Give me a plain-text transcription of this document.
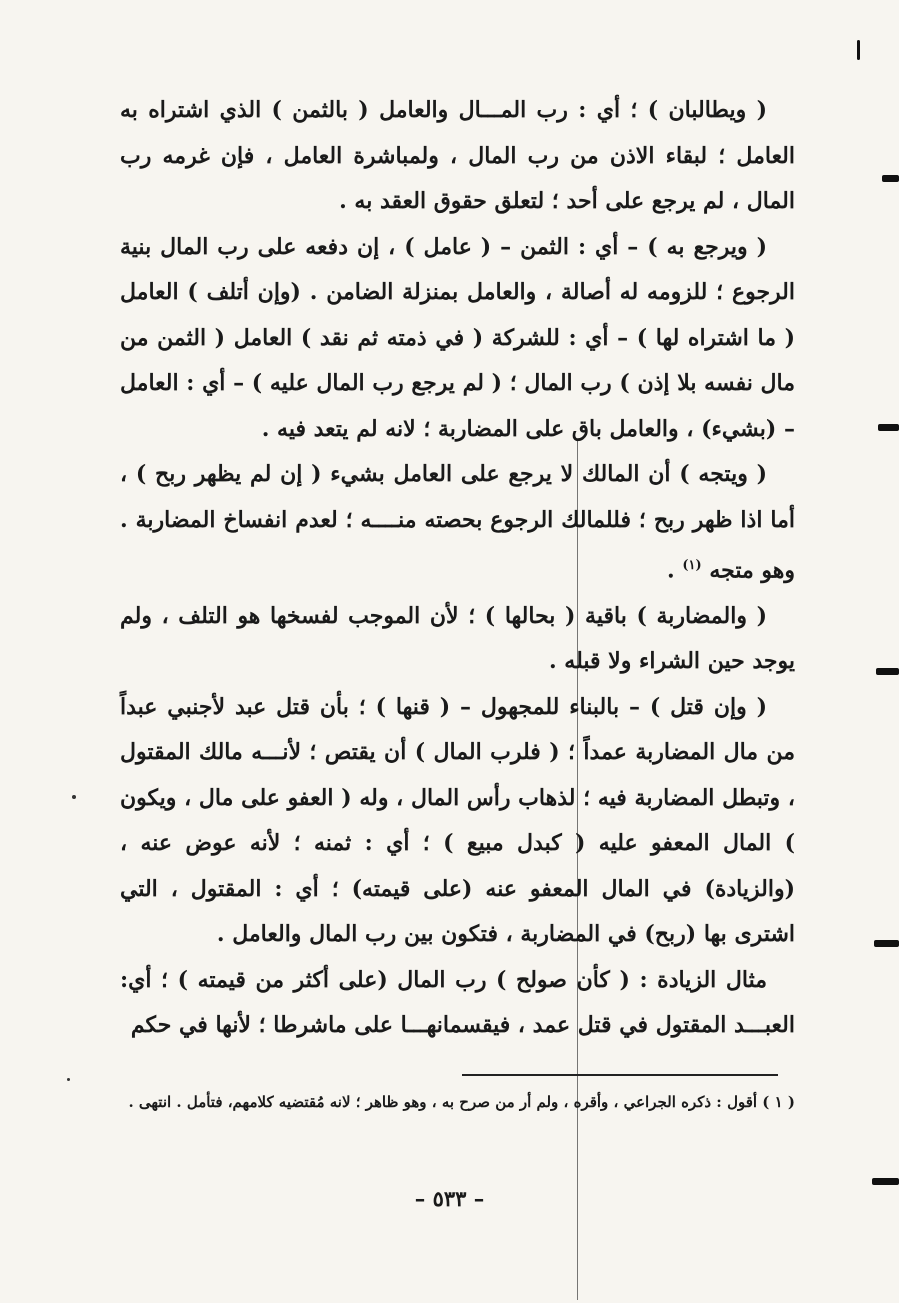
( ويطالبان ) ؛ أي : رب المـــال والعامل ( بالثمن ) الذي اشتراه به العامل ؛ لبقاء الاذن من رب المال ، ولمباشرة العامل ، فإن غرمه رب المال ، لم يرجع على أحد ؛ لتعلق حقوق العقد به .

( ويرجع به ) – أي : الثمن – ( عامل ) ، إن دفعه على رب المال بنية الرجوع ؛ للزومه له أصالة ، والعامل بمنزلة الضامن . (وإن أتلف ) العامل ( ما اشتراه لها ) – أي : للشركة ( في ذمته ثم نقد ) العامل ( الثمن من مال نفسه بلا إذن ) رب المال ؛ ( لم يرجع رب المال عليه ) – أي : العامل – (بشيء) ، والعامل باق على المضاربة ؛ لانه لم يتعد فيه .

( ويتجه ) أن المالك لا يرجع على العامل بشيء ( إن لم يظهر ربح ) ، أما اذا ظهر ربح ؛ فللمالك الرجوع بحصته منــــه ؛ لعدم انفساخ المضاربة . وهو متجه $^{(١)}$ .

( والمضاربة ) باقية ( بحالها ) ؛ لأن الموجب لفسخها هو التلف ، ولم يوجد حين الشراء ولا قبله .

( وإن قتل ) – بالبناء للمجهول – ( قنها ) ؛ بأن قتل عبد لأجنبي عبداً من مال المضاربة عمداً ؛ ( فلرب المال ) أن يقتص ؛ لأنـــه مالك المقتول ، وتبطل المضاربة فيه ؛ لذهاب رأس المال ، وله ( العفو على مال ، ويكون ) المال المعفو عليه ( كبدل مبيع ) ؛ أي : ثمنه ؛ لأنه عوض عنه ، (والزيادة) في المال المعفو عنه (على قيمته) ؛ أي : المقتول ، التي اشترى بها (ربح) في المضاربة ، فتكون بين رب المال والعامل .

مثال الزيادة : ( كأن صولح ) رب المال (على أكثر من قيمته ) ؛ أي: العبـــد المقتول في قتل عمد ، فيقسمانهـــا على ماشرطا ؛ لأنها في حكم

( ١ ) أقول : ذكره الجراعي ، وأقره ، ولم أر من صرح به ، وهو ظاهر ؛ لانه مُقتضيه كلامهم، فتأمل . انتهى .
– ٥٣٣ –
